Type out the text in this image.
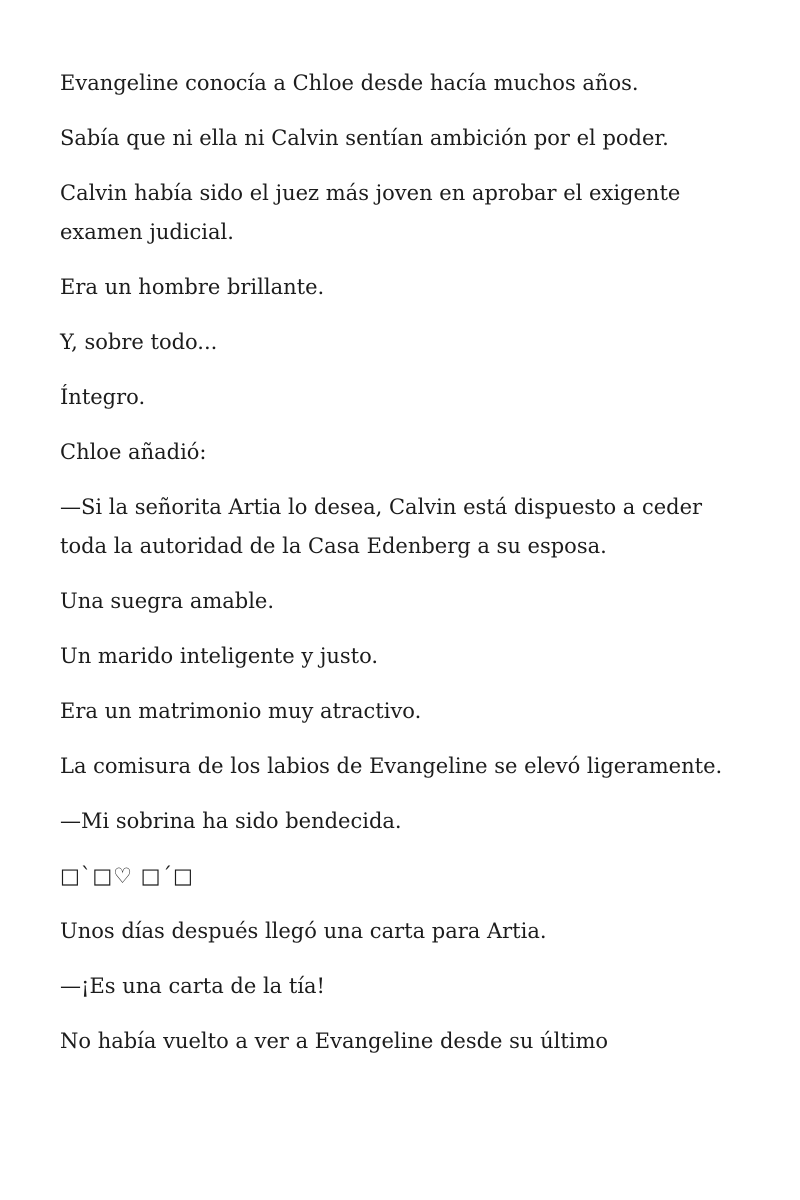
Evangeline conocía a Chloe desde hacía muchos años.

Sabía que ni ella ni Calvin sentían ambición por el poder.

Calvin había sido el juez más joven en aprobar el exigente examen judicial.

Era un hombre brillante.

Y, sobre todo...

Íntegro.

Chloe añadió:

—Si la señorita Artia lo desea, Calvin está dispuesto a ceder toda la autoridad de la Casa Edenberg a su esposa.

Una suegra amable.

Un marido inteligente y justo.

Era un matrimonio muy atractivo.

La comisura de los labios de Evangeline se elevó ligeramente.

—Mi sobrina ha sido bendecida.

□`□♡ □´□

Unos días después llegó una carta para Artia.

—¡Es una carta de la tía!

No había vuelto a ver a Evangeline desde su último
